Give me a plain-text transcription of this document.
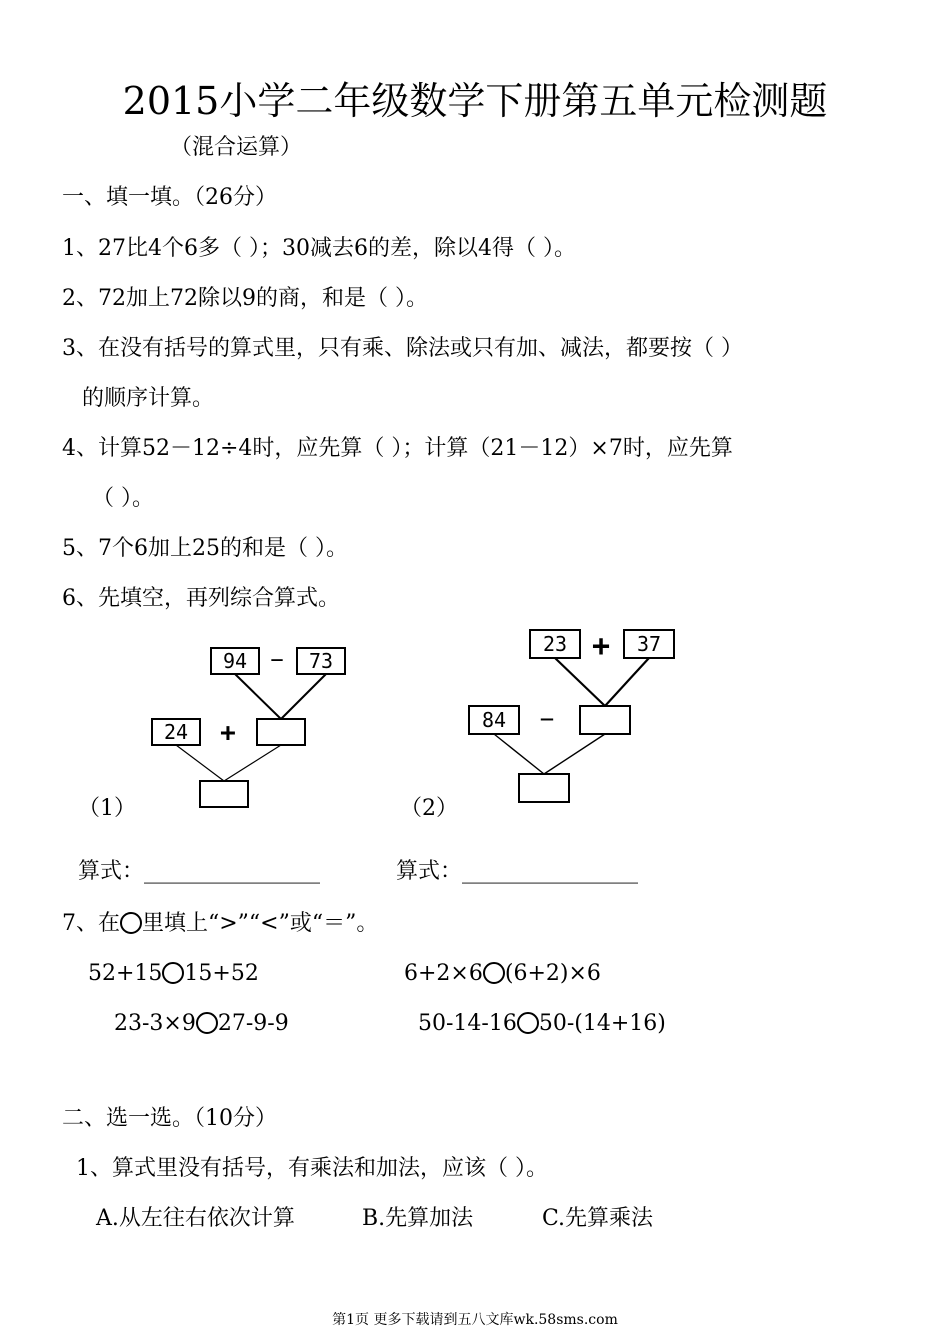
2015小学二年级数学下册第五单元检测题
（混合运算）
一、填一填。（26分）
1、27比4个6多（ ）；30减去6的差，除以4得（ ）。
2、72加上72除以9的商，和是（ ）。
3、在没有括号的算式里，只有乘、除法或只有加、减法，都要按（ ）
的顺序计算。
4、计算52－12÷4时，应先算（ ）；计算（21－12）×7时，应先算
（ ）。
5、7个6加上25的和是（ ）。
6、先填空，再列综合算式。
94 − 73
24 +
（1）
23 + 37
84 −
（2）
算式：________________	算式：________________
7、在 里填上“>”“<”或“＝”。
52+15 15+52	6+2×6 (6+2)×6
23-3×9 27-9-9	50-14-16 50-(14+16)
二、选一选。（10分）
1、算式里没有括号，有乘法和加法，应该（ ）。
A.从左往右依次计算	B.先算加法	C.先算乘法
第1页 更多下载请到五八文库wk.58sms.com
